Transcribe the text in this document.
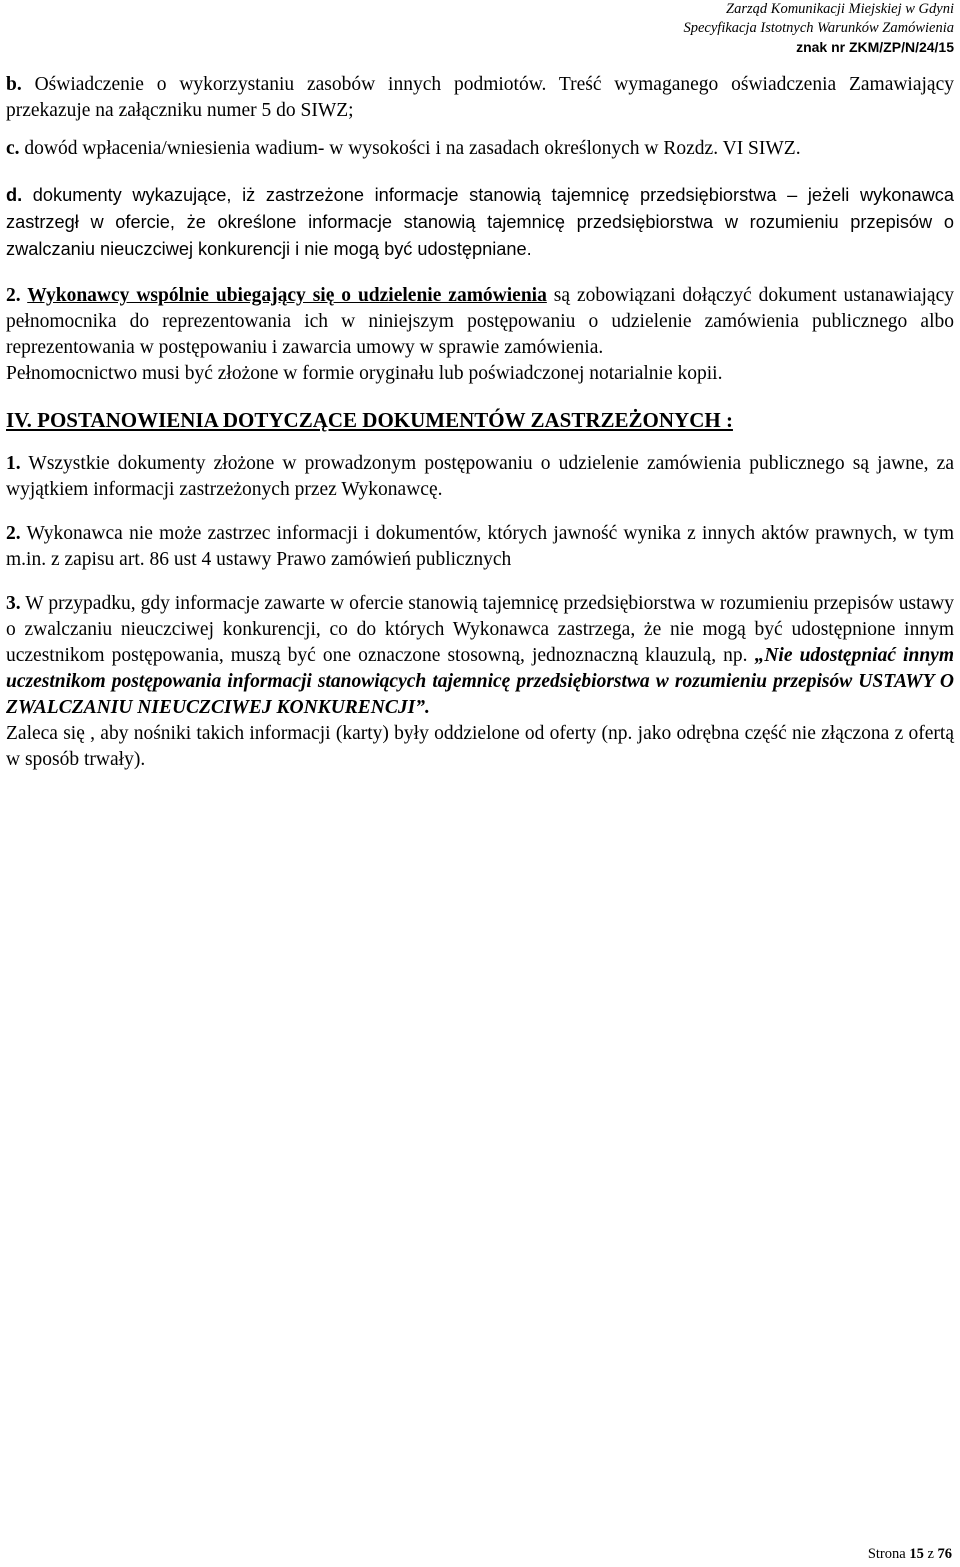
Zarząd Komunikacji Miejskiej w Gdyni
Specyfikacja Istotnych Warunków Zamówienia
znak nr ZKM/ZP/N/24/15

b. Oświadczenie o wykorzystaniu zasobów innych podmiotów. Treść wymaganego oświadczenia Zamawiający przekazuje na załączniku numer 5 do SIWZ;

c. dowód wpłacenia/wniesienia wadium- w wysokości i na zasadach określonych w Rozdz. VI SIWZ.

d. dokumenty wykazujące, iż zastrzeżone informacje stanowią tajemnicę przedsiębiorstwa – jeżeli wykonawca zastrzegł w ofercie, że określone informacje stanowią tajemnicę przedsiębiorstwa w rozumieniu przepisów o zwalczaniu nieuczciwej konkurencji i nie mogą być udostępniane.

2. Wykonawcy wspólnie ubiegający się o udzielenie zamówienia są zobowiązani dołączyć dokument ustanawiający pełnomocnika do reprezentowania ich w niniejszym postępowaniu o udzielenie zamówienia publicznego albo reprezentowania w postępowaniu i zawarcia umowy w sprawie zamówienia.

Pełnomocnictwo musi być złożone w formie oryginału lub poświadczonej notarialnie kopii.

IV. POSTANOWIENIA DOTYCZĄCE DOKUMENTÓW ZASTRZEŻONYCH :

1. Wszystkie dokumenty złożone w prowadzonym postępowaniu o udzielenie zamówienia publicznego są jawne, za wyjątkiem informacji zastrzeżonych przez Wykonawcę.

2. Wykonawca nie może zastrzec informacji i dokumentów, których jawność wynika z innych aktów prawnych, w tym m.in. z zapisu art. 86 ust 4 ustawy Prawo zamówień publicznych

3. W przypadku, gdy informacje zawarte w ofercie stanowią tajemnicę przedsiębiorstwa w rozumieniu przepisów ustawy o zwalczaniu nieuczciwej konkurencji, co do których Wykonawca zastrzega, że nie mogą być udostępnione innym uczestnikom postępowania, muszą być one oznaczone stosowną, jednoznaczną klauzulą, np. „Nie udostępniać innym uczestnikom postępowania informacji stanowiących tajemnicę przedsiębiorstwa w rozumieniu przepisów USTAWY O ZWALCZANIU NIEUCZCIWEJ KONKURENCJI”.

Zaleca się , aby nośniki takich informacji (karty) były oddzielone od oferty (np. jako odrębna część nie złączona z ofertą w sposób trwały).

Strona 15 z 76
